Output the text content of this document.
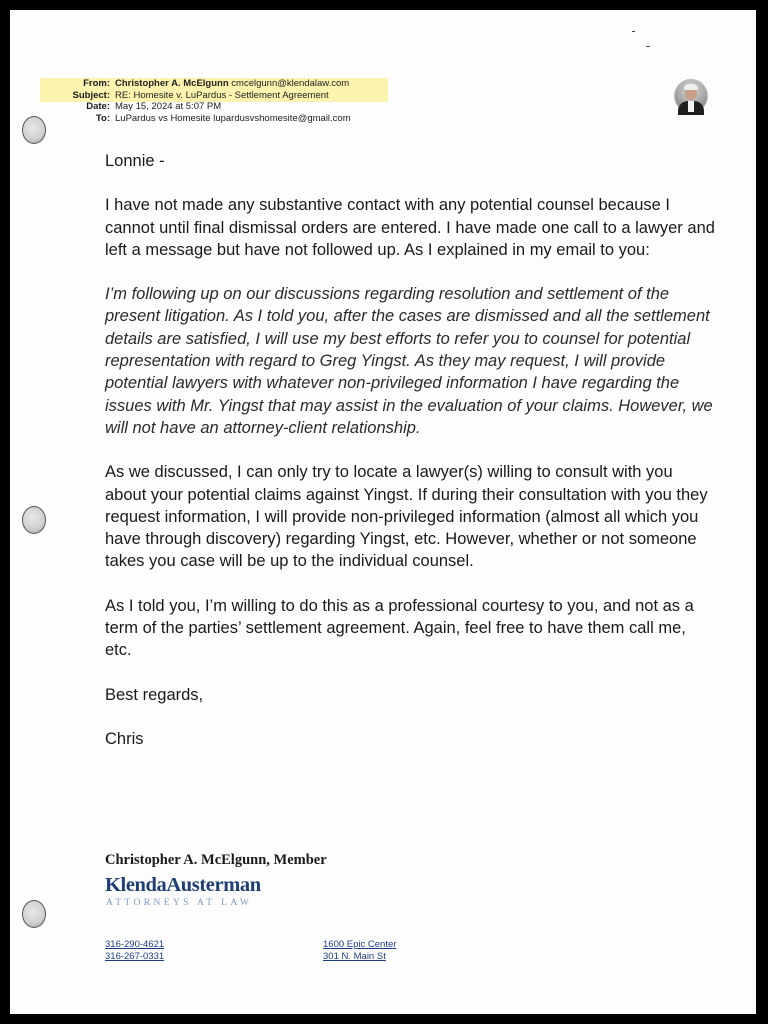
From: Christopher A. McElgunn cmcelgunn@klendalaw.com
Subject: RE: Homesite v. LuPardus - Settlement Agreement
Date: May 15, 2024 at 5:07 PM
To: LuPardus vs Homesite lupardusvshomesite@gmail.com

Lonnie -

I have not made any substantive contact with any potential counsel because I cannot until final dismissal orders are entered. I have made one call to a lawyer and left a message but have not followed up. As I explained in my email to you:

I’m following up on our discussions regarding resolution and settlement of the present litigation. As I told you, after the cases are dismissed and all the settlement details are satisfied, I will use my best efforts to refer you to counsel for potential representation with regard to Greg Yingst. As they may request, I will provide potential lawyers with whatever non-privileged information I have regarding the issues with Mr. Yingst that may assist in the evaluation of your claims. However, we will not have an attorney-client relationship.

As we discussed, I can only try to locate a lawyer(s) willing to consult with you about your potential claims against Yingst. If during their consultation with you they request information, I will provide non-privileged information (almost all which you have through discovery) regarding Yingst, etc. However, whether or not someone takes you case will be up to the individual counsel.

As I told you, I’m willing to do this as a professional courtesy to you, and not as a term of the parties’ settlement agreement. Again, feel free to have them call me, etc.

Best regards,

Chris

Christopher A. McElgunn, Member
KlendaAusterman
ATTORNEYS AT LAW
316-290-4621
316-267-0331
1600 Epic Center
301 N. Main St
